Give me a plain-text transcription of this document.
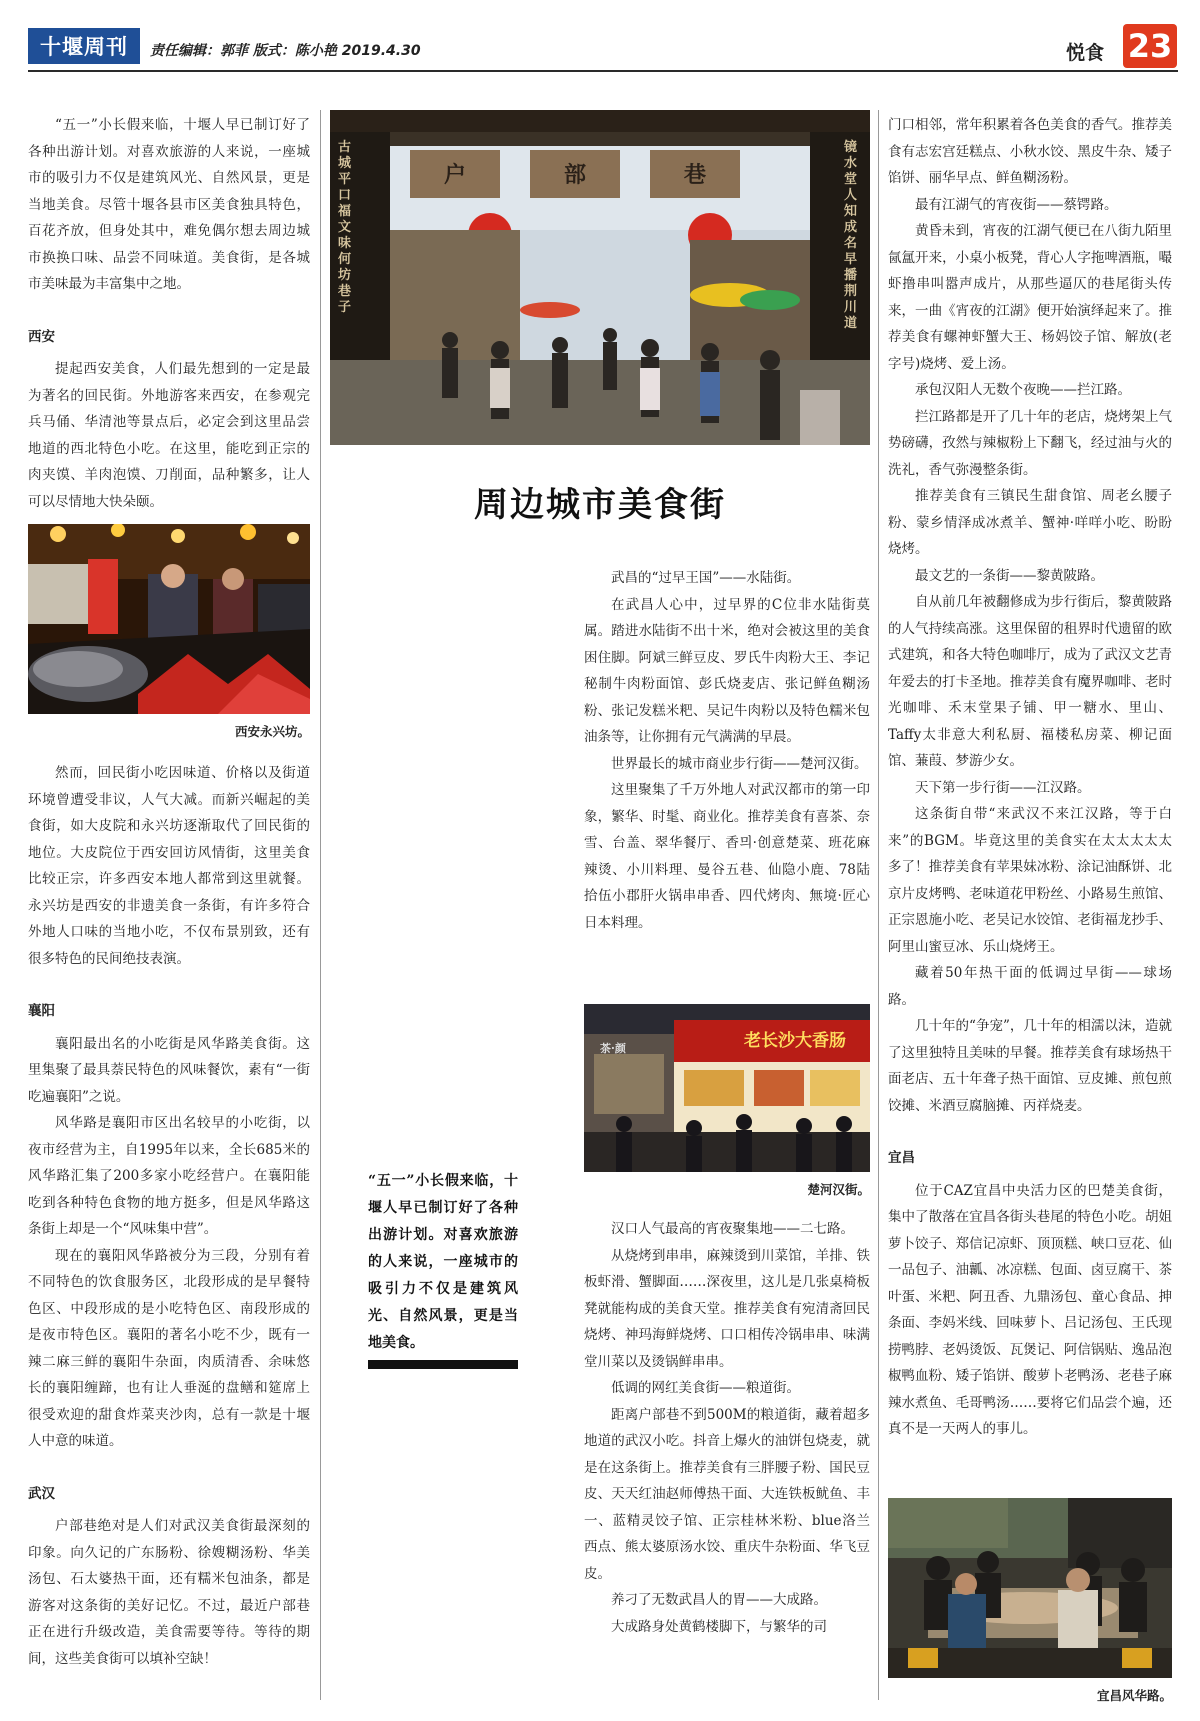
十堰周刊	责任编辑：郭菲 版式：陈小艳 2019.4.30	悦食 23

“五一”小长假来临，十堰人早已制订好了各种出游计划。对喜欢旅游的人来说，一座城市的吸引力不仅是建筑风光、自然风景，更是当地美食。尽管十堰各县市区美食独具特色，百花齐放，但身处其中，难免偶尔想去周边城市换换口味、品尝不同味道。美食街，是各城市美味最为丰富集中之地。

西安

提起西安美食，人们最先想到的一定是最为著名的回民街。外地游客来西安，在参观完兵马俑、华清池等景点后，必定会到这里品尝地道的西北特色小吃。在这里，能吃到正宗的肉夹馍、羊肉泡馍、刀削面，品种繁多，让人可以尽情地大快朵颐。

西安永兴坊。

然而，回民街小吃因味道、价格以及街道环境曾遭受非议，人气大减。而新兴崛起的美食街，如大皮院和永兴坊逐渐取代了回民街的地位。大皮院位于西安回访风情街，这里美食比较正宗，许多西安本地人都常到这里就餐。永兴坊是西安的非遗美食一条街，有许多符合外地人口味的当地小吃，不仅布景别致，还有很多特色的民间绝技表演。

襄阳

襄阳最出名的小吃街是风华路美食街。这里集聚了最具萘民特色的风味餐饮，素有“一街吃遍襄阳”之说。

风华路是襄阳市区出名较早的小吃街，以夜市经营为主，自1995年以来，全长685米的风华路汇集了200多家小吃经营户。在襄阳能吃到各种特色食物的地方挺多，但是风华路这条街上却是一个“风味集中营”。

现在的襄阳风华路被分为三段，分别有着不同特色的饮食服务区，北段形成的是早餐特色区、中段形成的是小吃特色区、南段形成的是夜市特色区。襄阳的著名小吃不少，既有一辣二麻三鲜的襄阳牛杂面，肉质清香、余味悠长的襄阳缠蹄，也有让人垂涎的盘鳝和筵席上很受欢迎的甜食炸菜夹沙肉，总有一款是十堰人中意的味道。

武汉

户部巷绝对是人们对武汉美食街最深刻的印象。向久记的广东肠粉、徐嫂糊汤粉、华美汤包、石太婆热干面，还有糯米包油条，都是游客对这条街的美好记忆。不过，最近户部巷正在进行升级改造，美食需要等待。等待的期间，这些美食街可以填补空缺！

古城平口福文味何坊巷子
镜水堂人知成名早播荆川道
户	部	巷
周边城市美食街

武昌的“过早王国”——水陆街。

在武昌人心中，过早界的C位非水陆街莫属。踏进水陆街不出十米，绝对会被这里的美食困住脚。阿斌三鲜豆皮、罗氏牛肉粉大王、李记秘制牛肉粉面馆、彭氏烧麦店、张记鲜鱼糊汤粉、张记发糕米粑、吴记牛肉粉以及特色糯米包油条等，让你拥有元气满满的早晨。

世界最长的城市商业步行街——楚河汉街。

这里聚集了千万外地人对武汉都市的第一印象，繁华、时髦、商业化。推荐美食有喜茶、奈雪、台盖、翠华餐厅、香믜·创意楚菜、班花麻辣烫、小川料理、曼谷五巷、仙隐小鹿、78陆拾伍小郡肝火锅串串香、四代烤肉、無境·匠心日本料理。

老长沙大香肠
茶·颜
楚河汉街。

汉口人气最高的宵夜聚集地——二七路。

从烧烤到串串，麻辣烫到川菜馆，羊排、铁板虾滑、蟹脚面……深夜里，这儿是几张桌椅板凳就能构成的美食天堂。推荐美食有宛清斋回民烧烤、神玛海鲜烧烤、口口相传冷锅串串、味满堂川菜以及烫锅鲜串串。

低调的网红美食街——粮道街。

距离户部巷不到500M的粮道街，藏着超多地道的武汉小吃。抖音上爆火的油饼包烧麦，就是在这条街上。推荐美食有三胖腰子粉、国民豆皮、天天红油赵师傅热干面、大连铁板鱿鱼、丰一、蓝精灵饺子馆、正宗桂林米粉、blue洛兰西点、熊太婆原汤水饺、重庆牛杂粉面、华飞豆皮。

养刁了无数武昌人的胃——大成路。

大成路身处黄鹤楼脚下，与繁华的司

“五一”小长假来临，十堰人早已制订好了各种出游计划。对喜欢旅游的人来说，一座城市的吸引力不仅是建筑风光、自然风景，更是当地美食。

门口相邻，常年积累着各色美食的香气。推荐美食有志宏宫廷糕点、小秋水饺、黑皮牛杂、矮子馅饼、丽华早点、鲜鱼糊汤粉。

最有江湖气的宵夜街——蔡锷路。

黄昏未到，宵夜的江湖气便已在八街九陌里氤氲开来，小桌小板凳，背心人字拖啤酒瓶，嘬虾撸串叫嚣声成片，从那些逼仄的巷尾街头传来，一曲《宵夜的江湖》便开始演绎起来了。推荐美食有螺神虾蟹大王、杨妈饺子馆、解放(老字号)烧烤、爱上汤。

承包汉阳人无数个夜晚——拦江路。

拦江路都是开了几十年的老店，烧烤架上气势磅礴，孜然与辣椒粉上下翻飞，经过油与火的洗礼，香气弥漫整条街。

推荐美食有三镇民生甜食馆、周老幺腰子粉、蒙乡情泽成冰煮羊、蟹神·咩咩小吃、盼盼烧烤。

最文艺的一条街——黎黄陂路。

自从前几年被翻修成为步行街后，黎黄陂路的人气持续高涨。这里保留的租界时代遗留的欧式建筑，和各大特色咖啡厅，成为了武汉文艺青年爱去的打卡圣地。推荐美食有魔界咖啡、老时光咖啡、禾末堂果子铺、甲一糖水、里山、Taffy太非意大利私厨、福楼私房菜、柳记面馆、蒹葭、梦游少女。

天下第一步行街——江汉路。

这条街自带“来武汉不来江汉路，等于白来”的BGM。毕竟这里的美食实在太太太太太多了！推荐美食有苹果妹冰粉、涂记油酥饼、北京片皮烤鸭、老味道花甲粉丝、小路易生煎馆、正宗恩施小吃、老吴记水饺馆、老街福龙抄手、阿里山蜜豆冰、乐山烧烤王。

藏着50年热干面的低调过早街——球场路。

几十年的“争宠”，几十年的相濡以沫，造就了这里独特且美味的早餐。推荐美食有球场热干面老店、五十年聋子热干面馆、豆皮摊、煎包煎饺摊、米酒豆腐脑摊、丙祥烧麦。

宜昌

位于CAZ宜昌中央活力区的巴楚美食街，集中了散落在宜昌各街头巷尾的特色小吃。胡姐萝卜饺子、郑信记凉虾、顶顶糕、峡口豆花、仙一品包子、油瓤、冰凉糕、包面、卤豆腐干、茶叶蛋、米粑、阿丑香、九鼎汤包、童心食品、抻条面、李妈米线、回味萝卜、吕记汤包、王氏现捞鸭脖、老妈烫饭、瓦煲记、阿信锅贴、逸品泡椒鸭血粉、矮子馅饼、酸萝卜老鸭汤、老巷子麻辣水煮鱼、毛哥鸭汤……要将它们品尝个遍，还真不是一天两人的事儿。

宜昌风华路。
